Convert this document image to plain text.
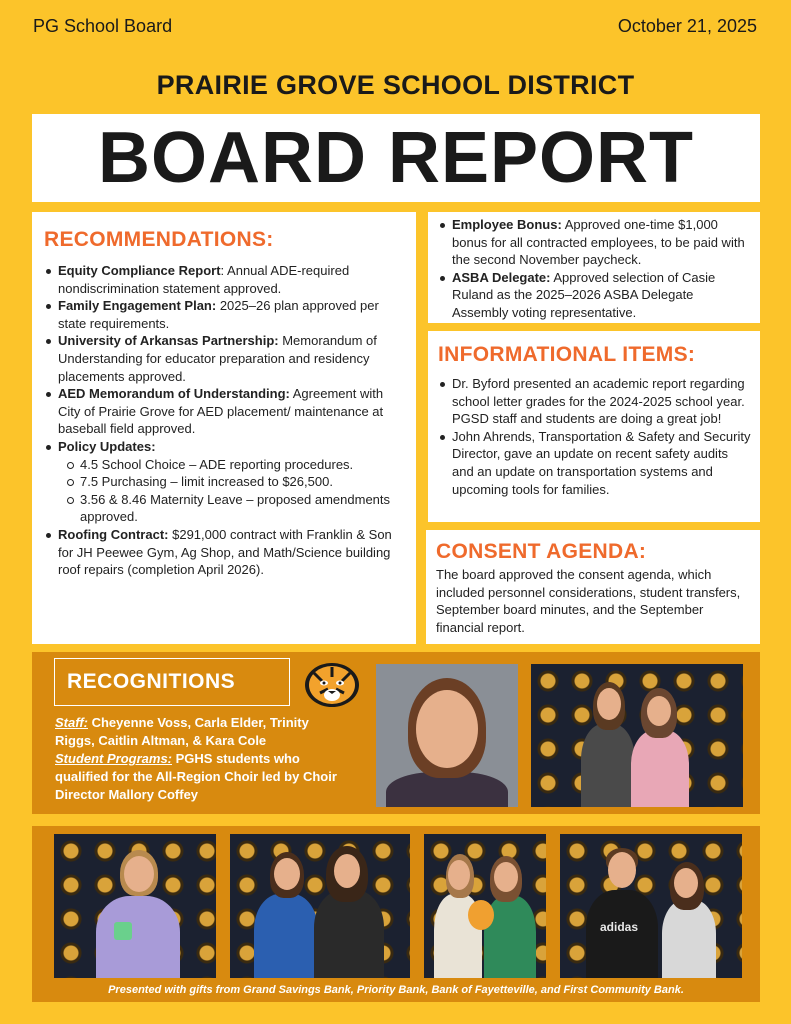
PG School Board	October 21, 2025
PRAIRIE GROVE SCHOOL DISTRICT
BOARD REPORT
RECOMMENDATIONS:
Equity Compliance Report: Annual ADE-required nondiscrimination statement approved.
Family Engagement Plan: 2025–26 plan approved per state requirements.
University of Arkansas Partnership: Memorandum of Understanding for educator preparation and residency placements approved.
AED Memorandum of Understanding: Agreement with City of Prairie Grove for AED placement/ maintenance at baseball field approved.
Policy Updates:
4.5 School Choice – ADE reporting procedures.
7.5 Purchasing – limit increased to $26,500.
3.56 & 8.46 Maternity Leave – proposed amendments approved.
Roofing Contract: $291,000 contract with Franklin & Son for JH Peewee Gym, Ag Shop, and Math/Science building roof repairs (completion April 2026).
Employee Bonus: Approved one-time $1,000 bonus for all contracted employees, to be paid with the second November paycheck.
ASBA Delegate: Approved selection of Casie Ruland as the 2025–2026 ASBA Delegate Assembly voting representative.
INFORMATIONAL ITEMS:
Dr. Byford presented an academic report regarding school letter grades for the 2024-2025 school year. PGSD staff and students are doing a great job!
John Ahrends, Transportation & Safety and Security Director, gave an update on recent safety audits and an update on transportation systems and upcoming tools for families.
CONSENT AGENDA:
The board approved the consent agenda, which included personnel considerations, student transfers, September board minutes, and the September financial report.
RECOGNITIONS
Staff: Cheyenne Voss, Carla Elder, Trinity Riggs, Caitlin Altman, & Kara Cole
Student Programs: PGHS students who qualified for the All-Region Choir led by Choir Director Mallory Coffey
adidas
Presented with gifts from Grand Savings Bank, Priority Bank, Bank of Fayetteville, and First Community Bank.
